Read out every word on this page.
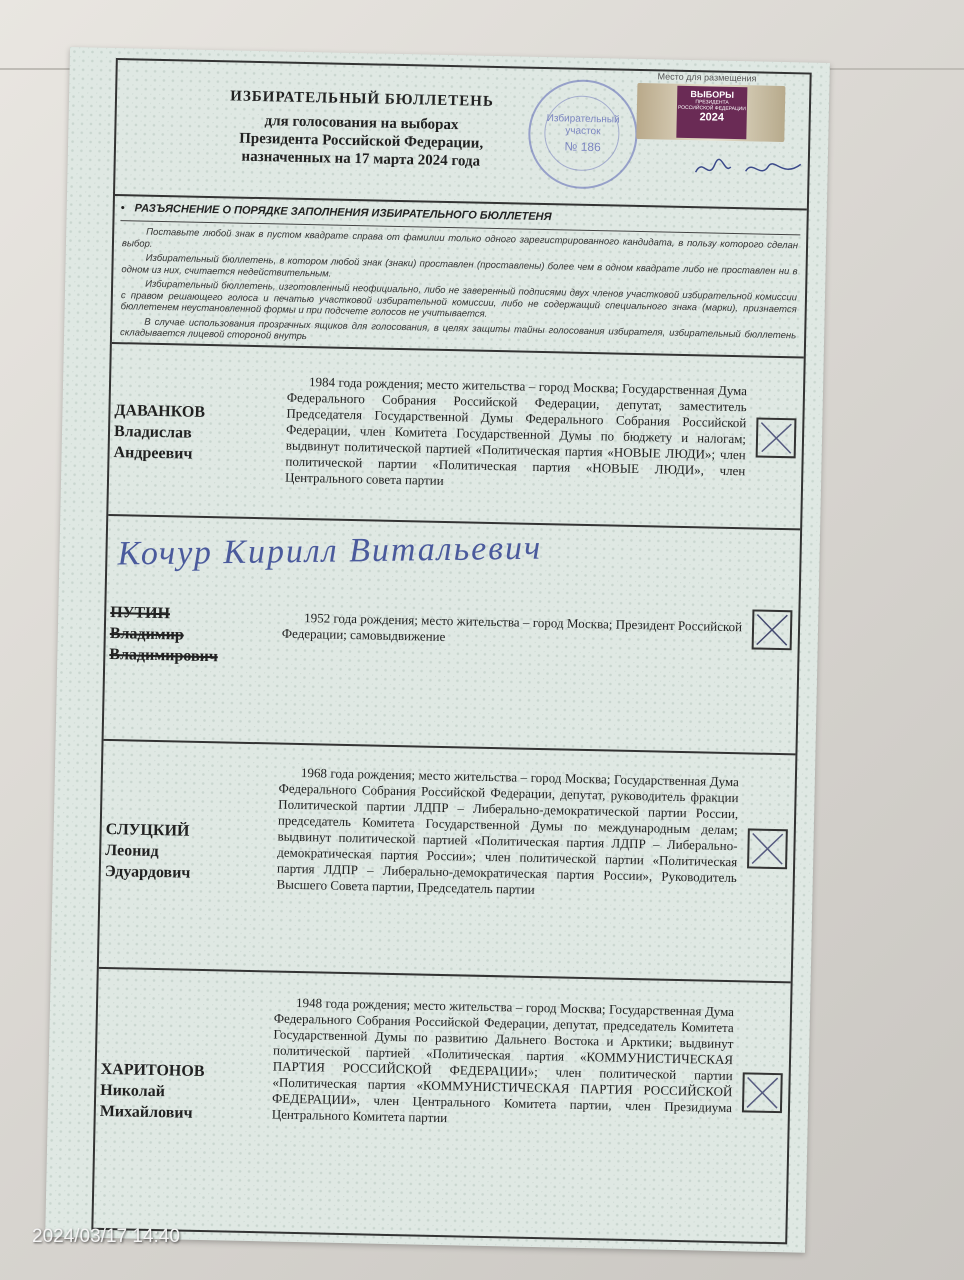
ИЗБИРАТЕЛЬНЫЙ БЮЛЛЕТЕНЬ
для голосования на выборах
Президента Российской Федерации,
назначенных на 17 марта 2024 года
Избирательный участок
№ 186
Место для размещения
ВЫБОРЫ
ПРЕЗИДЕНТА РОССИЙСКОЙ ФЕДЕРАЦИИ
2024
• РАЗЪЯСНЕНИЕ О ПОРЯДКЕ ЗАПОЛНЕНИЯ ИЗБИРАТЕЛЬНОГО БЮЛЛЕТЕНЯ

Поставьте любой знак в пустом квадрате справа от фамилии только одного зарегистрированного кандидата, в пользу которого сделан выбор.

Избирательный бюллетень, в котором любой знак (знаки) проставлен (проставлены) более чем в одном квадрате либо не проставлен ни в одном из них, считается недействительным.

Избирательный бюллетень, изготовленный неофициально, либо не заверенный подписями двух членов участковой избирательной комиссии с правом решающего голоса и печатью участковой избирательной комиссии, либо не содержащий специального знака (марки), признается бюллетенем неустановленной формы и при подсчете голосов не учитывается.

В случае использования прозрачных ящиков для голосования, в целях защиты тайны голосования избирателя, избирательный бюллетень складывается лицевой стороной внутрь

ДАВАНКОВ
Владислав
Андреевич
1984 года рождения; место жительства – город Москва; Государственная Дума Федерального Собрания Российской Федерации, депутат, заместитель Председателя Государственной Думы Федерального Собрания Российской Федерации, член Комитета Государственной Думы по бюджету и налогам; выдвинут политической партией «Политическая партия «НОВЫЕ ЛЮДИ»; член политической партии «Политическая партия «НОВЫЕ ЛЮДИ», член Центрального совета партии
Кочур Кирилл Витальевич
ПУТИН
Владимир
Владимирович
1952 года рождения; место жительства – город Москва; Президент Российской Федерации; самовыдвижение
СЛУЦКИЙ
Леонид
Эдуардович
1968 года рождения; место жительства – город Москва; Государственная Дума Федерального Собрания Российской Федерации, депутат, руководитель фракции Политической партии ЛДПР – Либерально-демократической партии России, председатель Комитета Государственной Думы по международным делам; выдвинут политической партией «Политическая партия ЛДПР – Либерально-демократическая партия России»; член политической партии «Политическая партия ЛДПР – Либерально-демократическая партия России», Руководитель Высшего Совета партии, Председатель партии
ХАРИТОНОВ
Николай
Михайлович
1948 года рождения; место жительства – город Москва; Государственная Дума Федерального Собрания Российской Федерации, депутат, председатель Комитета Государственной Думы по развитию Дальнего Востока и Арктики; выдвинут политической партией «Политическая партия «КОММУНИСТИЧЕСКАЯ ПАРТИЯ РОССИЙСКОЙ ФЕДЕРАЦИИ»; член политической партии «Политическая партия «КОММУНИСТИЧЕСКАЯ ПАРТИЯ РОССИЙСКОЙ ФЕДЕРАЦИИ», член Центрального Комитета партии, член Президиума Центрального Комитета партии
2024/03/17 14:40
